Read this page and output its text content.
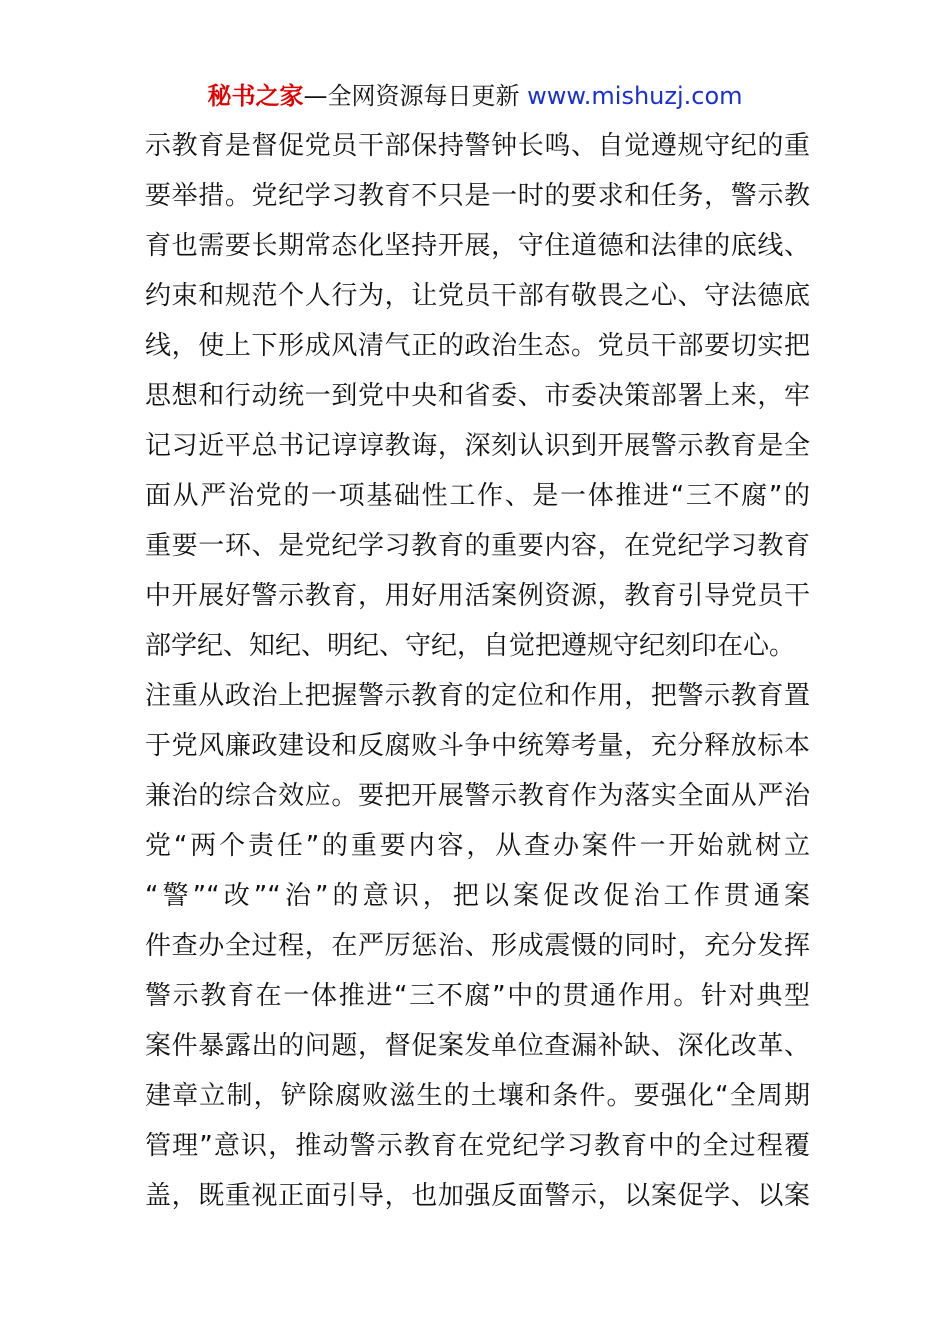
秘书之家—全网资源每日更新 www.mishuzj.com
示教育是督促党员干部保持警钟长鸣、自觉遵规守纪的重
要举措。党纪学习教育不只是一时的要求和任务，警示教
育也需要长期常态化坚持开展，守住道德和法律的底线、
约束和规范个人行为，让党员干部有敬畏之心、守法德底
线，使上下形成风清气正的政治生态。党员干部要切实把
思想和行动统一到党中央和省委、市委决策部署上来，牢
记习近平总书记谆谆教诲，深刻认识到开展警示教育是全
面从严治党的一项基础性工作、是一体推进“三不腐”的
重要一环、是党纪学习教育的重要内容，在党纪学习教育
中开展好警示教育，用好用活案例资源，教育引导党员干
部学纪、知纪、明纪、守纪，自觉把遵规守纪刻印在心。
注重从政治上把握警示教育的定位和作用，把警示教育置
于党风廉政建设和反腐败斗争中统筹考量，充分释放标本
兼治的综合效应。要把开展警示教育作为落实全面从严治
党“两个责任”的重要内容，从查办案件一开始就树立
“警”“改”“治”的意识，把以案促改促治工作贯通案
件查办全过程，在严厉惩治、形成震慑的同时，充分发挥
警示教育在一体推进“三不腐”中的贯通作用。针对典型
案件暴露出的问题，督促案发单位查漏补缺、深化改革、
建章立制，铲除腐败滋生的土壤和条件。要强化“全周期
管理”意识，推动警示教育在党纪学习教育中的全过程覆
盖，既重视正面引导，也加强反面警示，以案促学、以案
